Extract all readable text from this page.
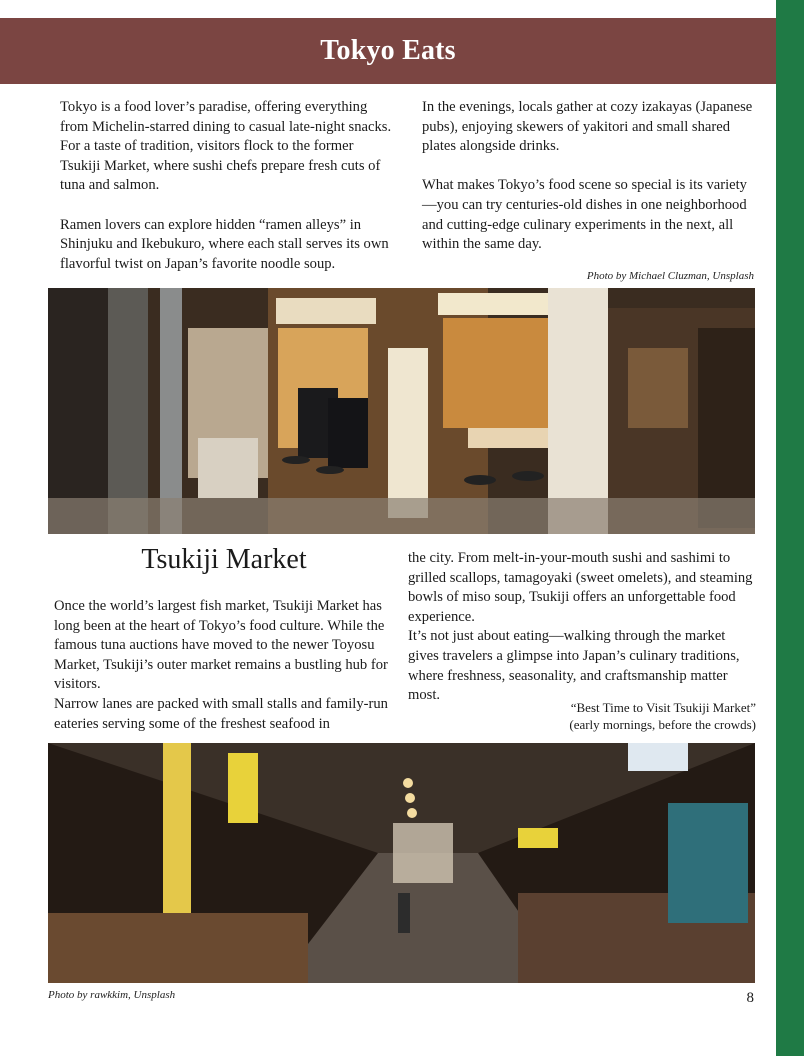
Tokyo Eats

Tokyo is a food lover’s paradise, offering everything from Michelin-starred dining to casual late-night snacks. For a taste of tradition, visitors flock to the former Tsukiji Market, where sushi chefs prepare fresh cuts of tuna and salmon.

Ramen lovers can explore hidden “ramen alleys” in Shinjuku and Ikebukuro, where each stall serves its own flavorful twist on Japan’s favorite noodle soup.

In the evenings, locals gather at cozy izakayas (Japanese pubs), enjoying skewers of yakitori and small shared plates alongside drinks.

What makes Tokyo’s food scene so special is its variety—you can try centuries-old dishes in one neighborhood and cutting-edge culinary experiments in the next, all within the same day.

Photo by Michael Cluzman, Unsplash
Tsukiji Market

Once the world’s largest fish market, Tsukiji Market has long been at the heart of Tokyo’s food culture. While the famous tuna auctions have moved to the newer Toyosu Market, Tsukiji’s outer market remains a bustling hub for visitors.

Narrow lanes are packed with small stalls and family-run eateries serving some of the freshest seafood in

the city. From melt-in-your-mouth sushi and sashimi to grilled scallops, tamagoyaki (sweet omelets), and steaming bowls of miso soup, Tsukiji offers an unforgettable food experience.

It’s not just about eating—walking through the market gives travelers a glimpse into Japan’s culinary traditions, where freshness, seasonality, and craftsmanship matter most.

“Best Time to Visit Tsukiji Market”
(early mornings, before the crowds)
Photo by rawkkim, Unsplash	8
